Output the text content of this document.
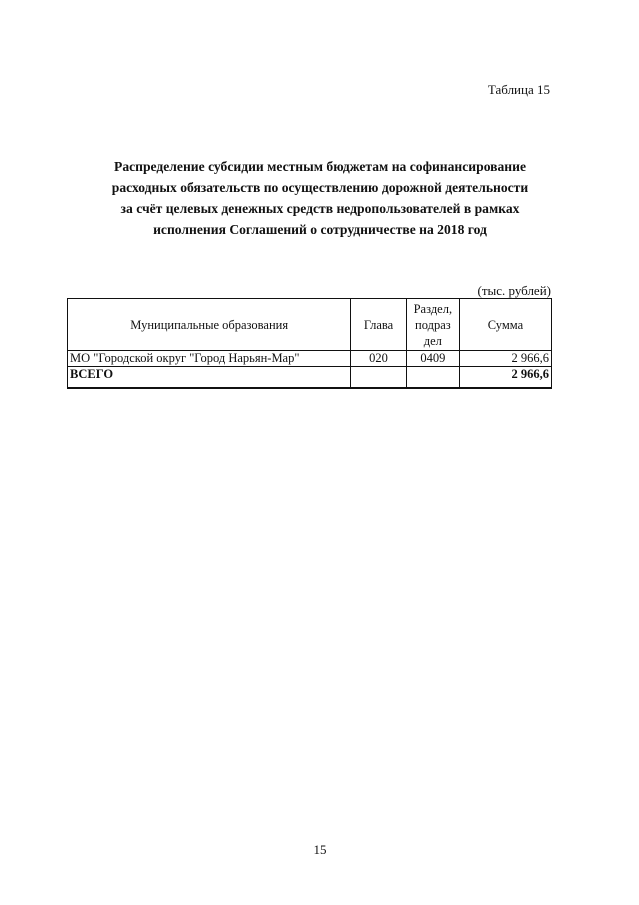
Таблица 15
Распределение субсидии местным бюджетам на софинансирование
расходных обязательств по осуществлению дорожной деятельности
за счёт целевых денежных средств недропользователей в рамках
исполнения Соглашений о сотрудничестве на 2018 год
(тыс. рублей)
Муниципальные образования	Глава	Раздел,
подраз
дел	Сумма
МО "Городской округ "Город Нарьян-Мар"	020	0409	2 966,6
ВСЕГО			2 966,6
15
